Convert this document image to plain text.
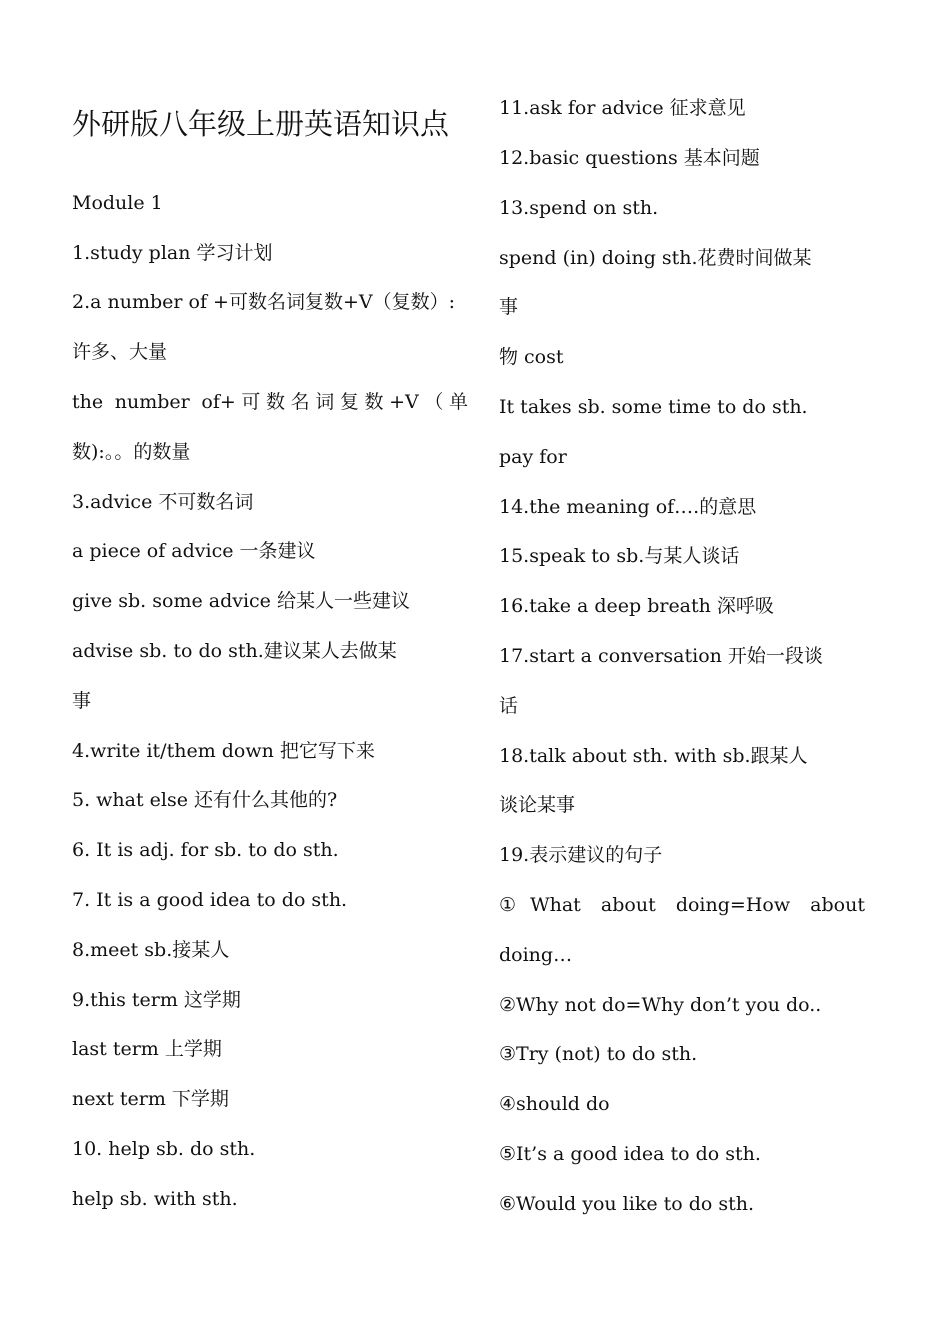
外研版八年级上册英语知识点
Module 1
1.study plan 学习计划
2.a number of +可数名词复数+V（复数）:
许多、大量
the number of+可数名词复数+V（单
数):。。的数量
3.advice 不可数名词
a piece of advice 一条建议
give sb. some advice 给某人一些建议
advise sb. to do sth.建议某人去做某
事
4.write it/them down 把它写下来
5. what else 还有什么其他的?
6. It is adj. for sb. to do sth.
7. It is a good idea to do sth.
8.meet sb.接某人
9.this term 这学期
last term 上学期
next term 下学期
10. help sb. do sth.
help sb. with sth.
11.ask for advice 征求意见
12.basic questions 基本问题
13.spend on sth.
spend (in) doing sth.花费时间做某
事
物 cost
It takes sb. some time to do sth.
pay for
14.the meaning of….的意思
15.speak to sb.与某人谈话
16.take a deep breath 深呼吸
17.start a conversation 开始一段谈
话
18.talk about sth. with sb.跟某人
谈论某事
19.表示建议的句子
①What about doing=How about
doing…
②Why not do=Why don’t you do..
③Try (not) to do sth.
④should do
⑤It’s a good idea to do sth.
⑥Would you like to do sth.
